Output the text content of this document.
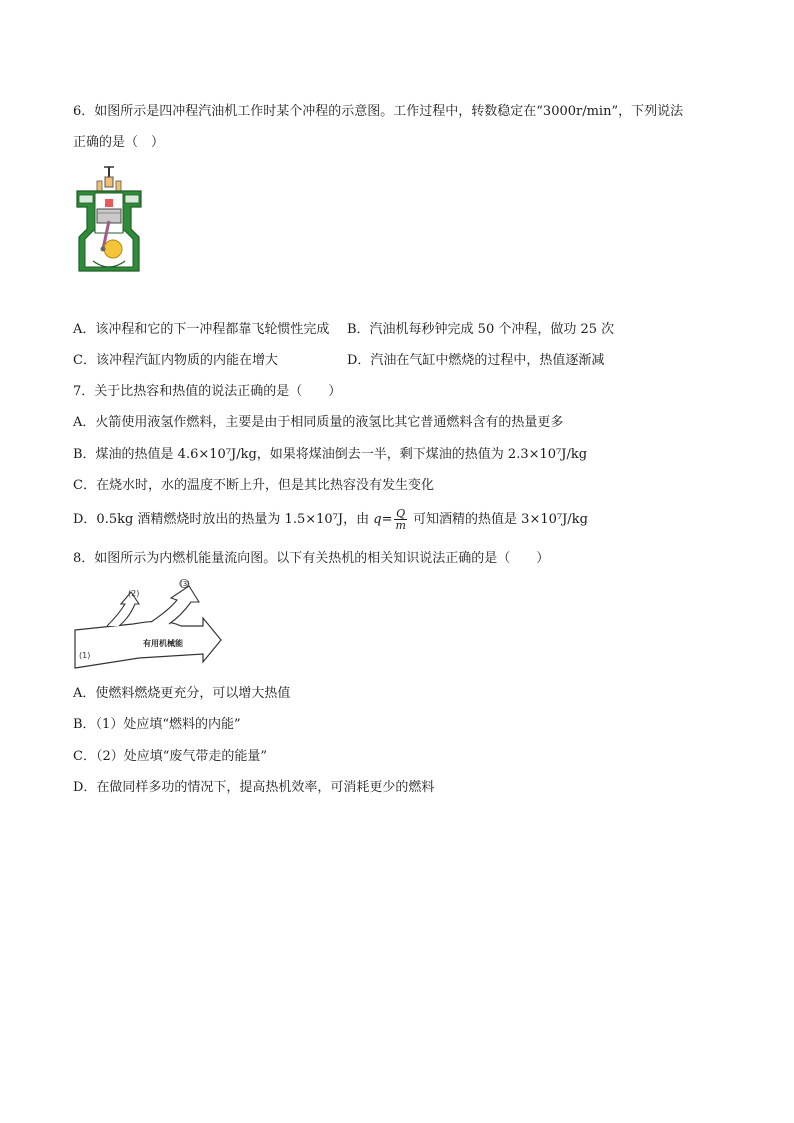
6．如图所示是四冲程汽油机工作时某个冲程的示意图。工作过程中，转数稳定在“3000r/min”，下列说法
正确的是（　）
A．该冲程和它的下一冲程都靠飞轮惯性完成 B．汽油机每秒钟完成 50 个冲程，做功 25 次
C．该冲程汽缸内物质的内能在增大	D．汽油在气缸中燃烧的过程中，热值逐渐减
7．关于比热容和热值的说法正确的是（　　）
A．火箭使用液氢作燃料，主要是由于相同质量的液氢比其它普通燃料含有的热量更多
B．煤油的热值是 4.6×10⁷J/kg，如果将煤油倒去一半，剩下煤油的热值为 2.3×10⁷J/kg
C．在烧水时，水的温度不断上升，但是其比热容没有发生变化
D．0.5kg 酒精燃烧时放出的热量为 1.5×10⁷J，由 $q= \frac{Q}{m}$ 可知酒精的热值是 3×10⁷J/kg
8．如图所示为内燃机能量流向图。以下有关热机的相关知识说法正确的是（　　）
(2)
(3)
(1)
有用机械能
A．使燃料燃烧更充分，可以增大热值
B．（1）处应填“燃料的内能”
C．（2）处应填“废气带走的能量”
D．在做同样多功的情况下，提高热机效率，可消耗更少的燃料
